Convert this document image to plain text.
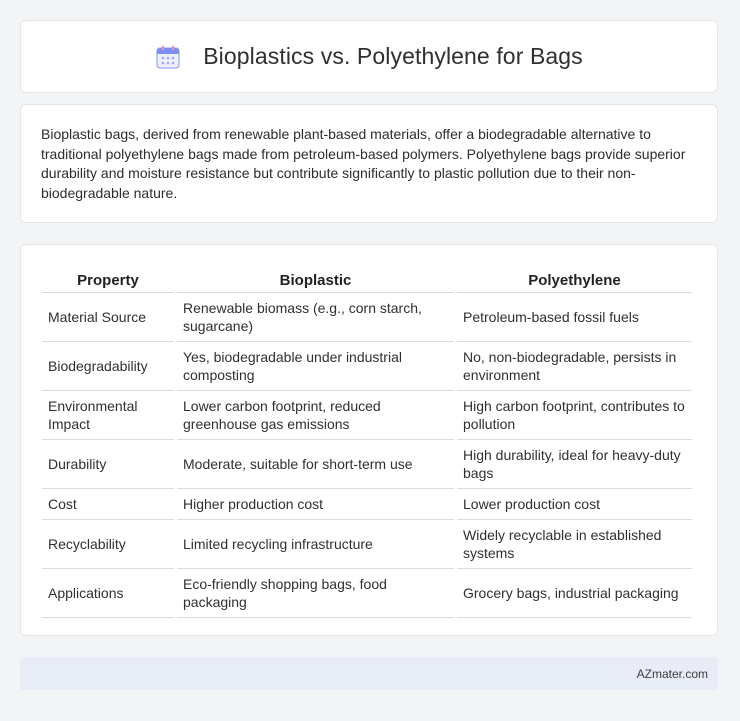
Bioplastics vs. Polyethylene for Bags

Bioplastic bags, derived from renewable plant-based materials, offer a biodegradable alternative to traditional polyethylene bags made from petroleum-based polymers. Polyethylene bags provide superior durability and moisture resistance but contribute significantly to plastic pollution due to their non-biodegradable nature.

Property	Bioplastic	Polyethylene
Material Source	Renewable biomass (e.g., corn starch, sugarcane)	Petroleum-based fossil fuels
Biodegradability	Yes, biodegradable under industrial composting	No, non-biodegradable, persists in environment
Environmental Impact	Lower carbon footprint, reduced greenhouse gas emissions	High carbon footprint, contributes to pollution
Durability	Moderate, suitable for short-term use	High durability, ideal for heavy-duty bags
Cost	Higher production cost	Lower production cost
Recyclability	Limited recycling infrastructure	Widely recyclable in established systems
Applications	Eco-friendly shopping bags, food packaging	Grocery bags, industrial packaging
AZmater.com
